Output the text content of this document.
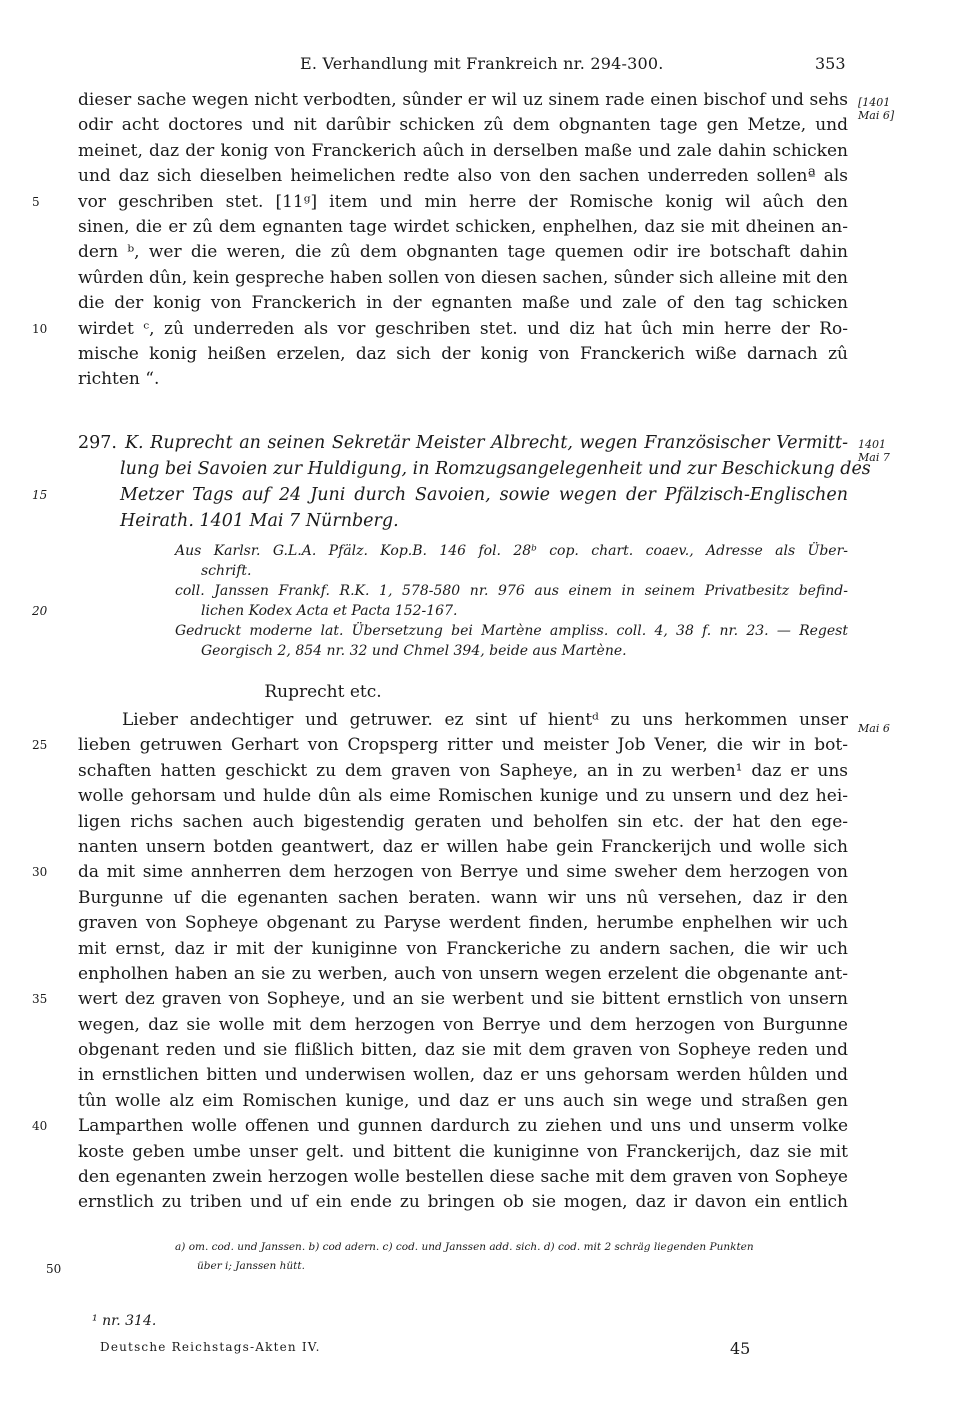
E. Verhandlung mit Frankreich nr. 294-300.	353
dieser sache wegen nicht verbodten, sûnder er wil uz sinem rade einen bischof und sehs
odir acht doctores und nit darûbir schicken zû dem obgnanten tage gen Metze, und
meinet, daz der konig von Franckerich aûch in derselben maße und zale dahin schicken
und daz sich dieselben heimelichen redte also von den sachen underreden sollenª als
vor geschriben stet. [11ᵍ] item und min herre der Romische konig wil aûch den
5
sinen, die er zû dem egnanten tage wirdet schicken, enphelhen, daz sie mit dheinen an-
dern ᵇ, wer die weren, die zû dem obgnanten tage quemen odir ire botschaft dahin
wûrden dûn, kein gespreche haben sollen von diesen sachen, sûnder sich alleine mit den
die der konig von Franckerich in der egnanten maße und zale of den tag schicken
wirdet ᶜ, zû underreden als vor geschriben stet. und diz hat ûch min herre der Ro-
10
mische konig heißen erzelen, daz sich der konig von Franckerich wiße darnach zû
richten “.
[1401
Mai 6]
297. K. Ruprecht an seinen Sekretär Meister Albrecht, wegen Französischer Vermitt-
lung bei Savoien zur Huldigung, in Romzugsangelegenheit und zur Beschickung des
Metzer Tags auf 24 Juni durch Savoien, sowie wegen der Pfälzisch-Englischen
15
Heirath. 1401 Mai 7 Nürnberg.
1401
Mai 7
Aus Karlsr. G.L.A. Pfälz. Kop.B. 146 fol. 28ᵇ cop. chart. coaev., Adresse als Über-
schrift.
coll. Janssen Frankf. R.K. 1, 578-580 nr. 976 aus einem in seinem Privatbesitz befind-
lichen Kodex Acta et Pacta 152-167.
20
Gedruckt moderne lat. Übersetzung bei Martène ampliss. coll. 4, 38 f. nr. 23. — Regest
Georgisch 2, 854 nr. 32 und Chmel 394, beide aus Martène.
Ruprecht etc.
Lieber andechtiger und getruwer. ez sint uf hientᵈ zu uns herkommen unser
lieben getruwen Gerhart von Cropsperg ritter und meister Job Vener, die wir in bot-
25
schaften hatten geschickt zu dem graven von Sapheye, an in zu werben¹ daz er uns
wolle gehorsam und hulde dûn als eime Romischen kunige und zu unsern und dez hei-
ligen richs sachen auch bigestendig geraten und beholfen sin etc. der hat den ege-
nanten unsern botden geantwert, daz er willen habe gein Franckerijch und wolle sich
da mit sime annherren dem herzogen von Berrye und sime sweher dem herzogen von
30
Burgunne uf die egenanten sachen beraten. wann wir uns nû versehen, daz ir den
graven von Sopheye obgenant zu Paryse werdent finden, herumbe enphelhen wir uch
mit ernst, daz ir mit der kuniginne von Franckeriche zu andern sachen, die wir uch
enpholhen haben an sie zu werben, auch von unsern wegen erzelent die obgenante ant-
wert dez graven von Sopheye, und an sie werbent und sie bittent ernstlich von unsern
35
wegen, daz sie wolle mit dem herzogen von Berrye und dem herzogen von Burgunne
obgenant reden und sie flißlich bitten, daz sie mit dem graven von Sopheye reden und
in ernstlichen bitten und underwisen wollen, daz er uns gehorsam werden hûlden und
tûn wolle alz eim Romischen kunige, und daz er uns auch sin wege und straßen gen
Lamparthen wolle offenen und gunnen dardurch zu ziehen und uns und unserm volke
40
koste geben umbe unser gelt. und bittent die kuniginne von Franckerijch, daz sie mit
den egenanten zwein herzogen wolle bestellen diese sache mit dem graven von Sopheye
ernstlich zu triben und uf ein ende zu bringen ob sie mogen, daz ir davon ein entlich
Mai 6
a) om. cod. und Janssen. b) cod adern. c) cod. und Janssen add. sich. d) cod. mit 2 schräg liegenden Punkten
über i; Janssen hütt.
50
¹ nr. 314.
Deutsche Reichstags-Akten IV.	45
